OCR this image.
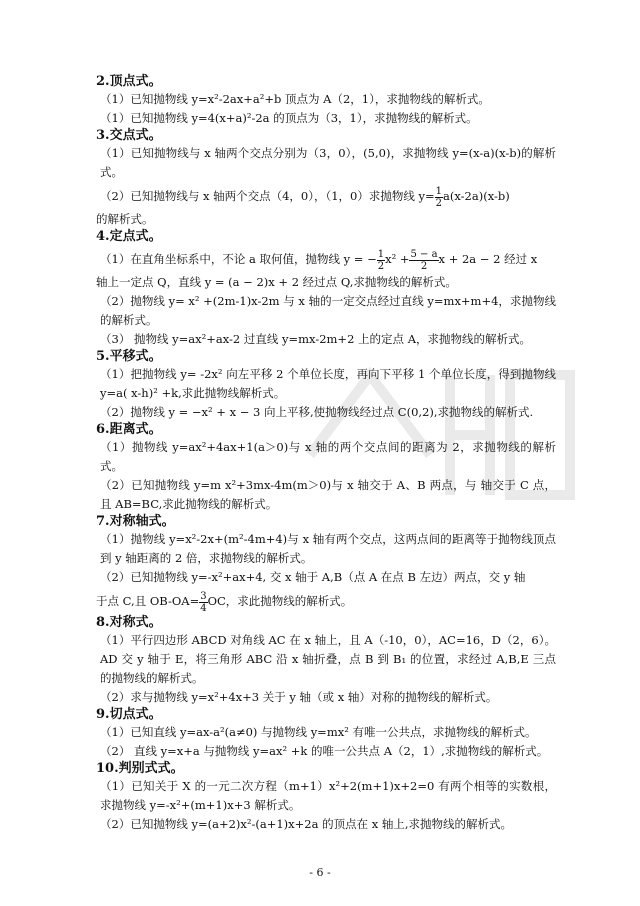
2.顶点式。

（1）已知抛物线 y=x²-2ax+a²+b 顶点为 A（2，1），求抛物线的解析式。

（1）已知抛物线 y=4(x+a)²-2a 的顶点为（3，1），求抛物线的解析式。

3.交点式。

（1）已知抛物线与 x 轴两个交点分别为（3，0），(5,0)，求抛物线 y=(x-a)(x-b)的解析式。

（2）已知抛物线与 x 轴两个交点（4，0），（1，0）求抛物线 $y= \frac{1}{2} a(x-2a)(x-b)$

的解析式。

4.定点式。

（1）在直角坐标系中，不论 a 取何值，抛物线 y = − $\frac{1}{2} x^2 + \frac{5 - a}{2}$ x + 2a − 2 经过 x

轴上一定点 Q，直线 y = (a − 2)x + 2 经过点 Q,求抛物线的解析式。

（2）抛物线 y= x² +(2m-1)x-2m 与 x 轴的一定交点经过直线 y=mx+m+4，求抛物线的解析式。

（3） 抛物线 y=ax²+ax-2 过直线 y=mx-2m+2 上的定点 A，求抛物线的解析式。

5.平移式。

（1）把抛物线 y= -2x² 向左平移 2 个单位长度，再向下平移 1 个单位长度，得到抛物线 y=a( x-h)² +k,求此抛物线解析式。

（2）抛物线 y = −x² + x − 3 向上平移,使抛物线经过点 C(0,2),求抛物线的解析式.

6.距离式。

（1）抛物线 y=ax²+4ax+1(a＞0)与 x 轴的两个交点间的距离为 2，求抛物线的解析式。

（2）已知抛物线 y=m x²+3mx-4m(m＞0)与 x 轴交于 A、B 两点，与 轴交于 C 点，且 AB=BC,求此抛物线的解析式。

7.对称轴式。

（1）抛物线 y=x²-2x+(m²-4m+4)与 x 轴有两个交点，这两点间的距离等于抛物线顶点到 y 轴距离的 2 倍，求抛物线的解析式。

（2）已知抛物线 y=-x²+ax+4, 交 x 轴于 A,B（点 A 在点 B 左边）两点，交 y 轴

于点 C,且 $OB-OA= \frac{3}{4}$ OC，求此抛物线的解析式。

8.对称式。

（1）平行四边形 ABCD 对角线 AC 在 x 轴上，且 A（-10，0），AC=16，D（2，6）。AD 交 y 轴于 E，将三角形 ABC 沿 x 轴折叠，点 B 到 B₁ 的位置，求经过 A,B,E 三点的抛物线的解析式。

（2）求与抛物线 y=x²+4x+3 关于 y 轴（或 x 轴）对称的抛物线的解析式。

9.切点式。

（1）已知直线 y=ax-a²(a≠0) 与抛物线 y=mx² 有唯一公共点，求抛物线的解析式。

（2） 直线 y=x+a 与抛物线 y=ax² +k 的唯一公共点 A（2，1）,求抛物线的解析式。

10.判别式式。

（1）已知关于 X 的一元二次方程（m+1）x²+2(m+1)x+2=0 有两个相等的实数根，求抛物线 y=-x²+(m+1)x+3 解析式。

（2）已知抛物线 y=(a+2)x²-(a+1)x+2a 的顶点在 x 轴上,求抛物线的解析式。

- 6 -
